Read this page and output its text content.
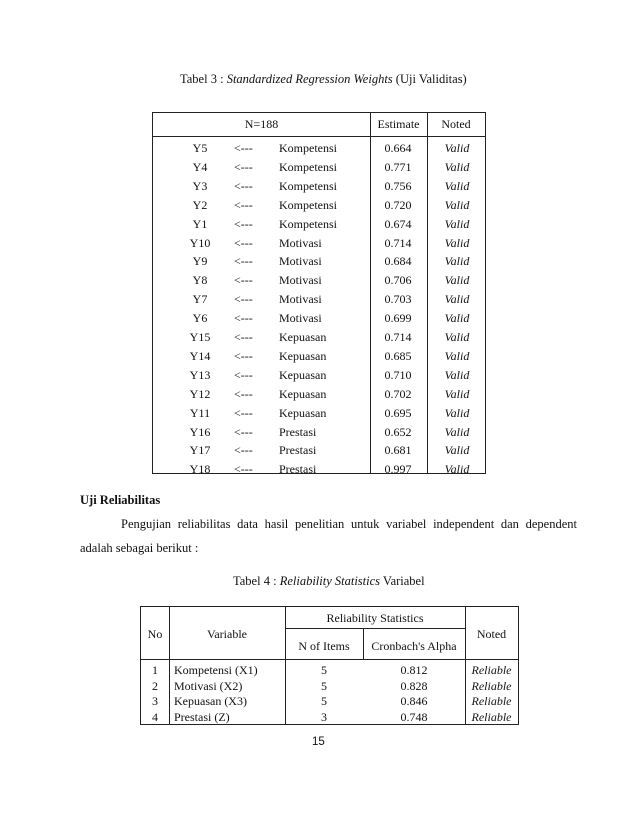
Tabel 3 : Standardized Regression Weights (Uji Validitas)
N=188	Estimate	Noted
Y5	<--- Kompetensi	0.664	Valid
Y4	<--- Kompetensi	0.771	Valid
Y3	<--- Kompetensi	0.756	Valid
Y2	<--- Kompetensi	0.720	Valid
Y1	<--- Kompetensi	0.674	Valid
Y10	<--- Motivasi	0.714	Valid
Y9	<--- Motivasi	0.684	Valid
Y8	<--- Motivasi	0.706	Valid
Y7	<--- Motivasi	0.703	Valid
Y6	<--- Motivasi	0.699	Valid
Y15	<--- Kepuasan	0.714	Valid
Y14	<--- Kepuasan	0.685	Valid
Y13	<--- Kepuasan	0.710	Valid
Y12	<--- Kepuasan	0.702	Valid
Y11	<--- Kepuasan	0.695	Valid
Y16	<--- Prestasi	0.652	Valid
Y17	<--- Prestasi	0.681	Valid
Y18	<--- Prestasi	0.997	Valid
Uji Reliabilitas
Pengujian reliabilitas data hasil penelitian untuk variabel independent dan dependent
adalah sebagai berikut :
Tabel 4 : Reliability Statistics Variabel
No	Variable
Reliability Statistics
N of Items	Cronbach's Alpha
Noted
1	Kompetensi (X1)	5	0.812	Reliable
2	Motivasi (X2)	5	0.828	Reliable
3	Kepuasan (X3)	5	0.846	Reliable
4	Prestasi (Z)	3	0.748	Reliable
15
